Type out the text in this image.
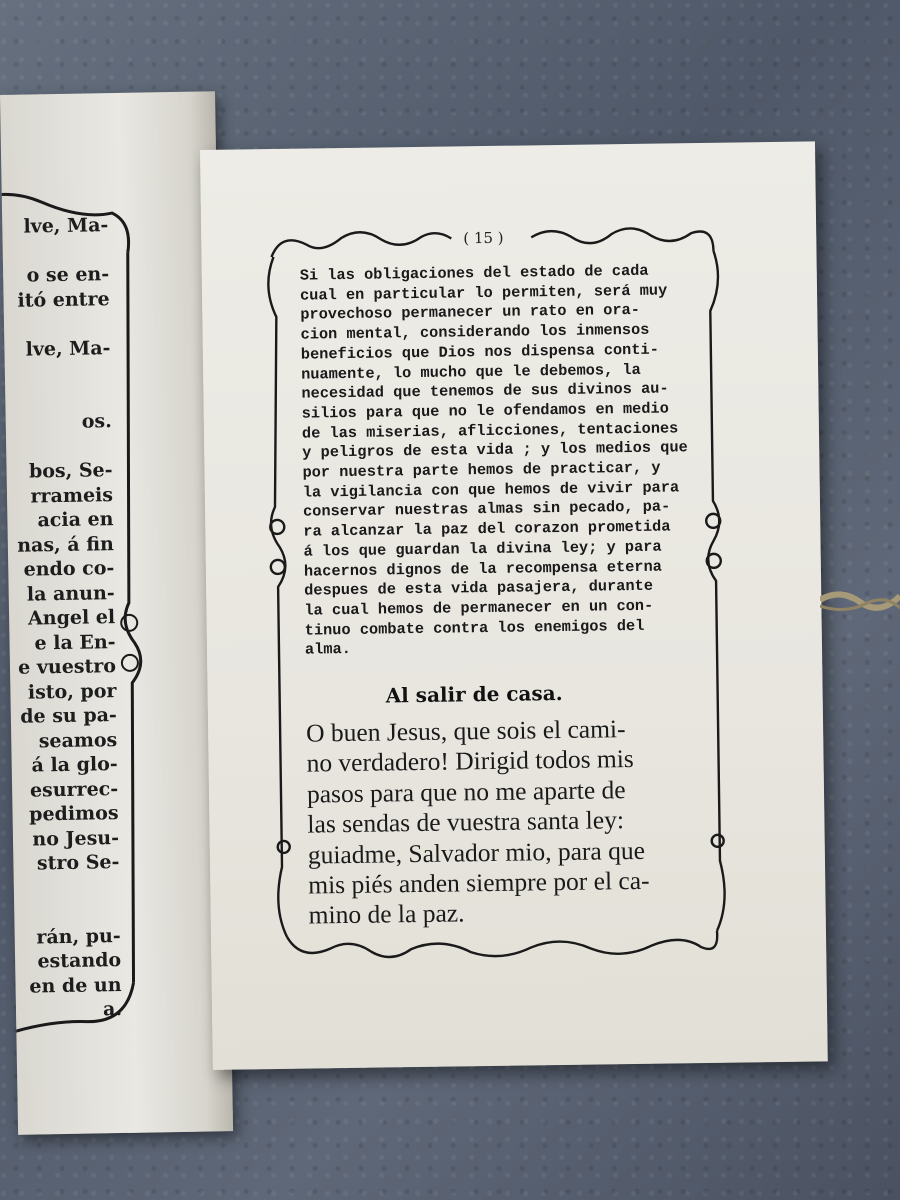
lve, Ma-
o se en-
itó entre
lve, Ma-
os.
bos, Se-
rrameis
acia en
nas, á fin
endo co-
la anun-
Angel el
e la En-
e vuestro
isto, por
de su pa-
seamos
á la glo-
esurrec-
pedimos
no Jesu-
stro Se-
rán, pu-
estando
en de un
a.
( 15 )
Si las obligaciones del estado de cada
cual en particular lo permiten, será muy
provechoso permanecer un rato en ora-
cion mental, considerando los inmensos
beneficios que Dios nos dispensa conti-
nuamente, lo mucho que le debemos, la
necesidad que tenemos de sus divinos au-
silios para que no le ofendamos en medio
de las miserias, aflicciones, tentaciones
y peligros de esta vida ; y los medios que
por nuestra parte hemos de practicar, y
la vigilancia con que hemos de vivir para
conservar nuestras almas sin pecado, pa-
ra alcanzar la paz del corazon prometida
á los que guardan la divina ley; y para
hacernos dignos de la recompensa eterna
despues de esta vida pasajera, durante
la cual hemos de permanecer en un con-
tinuo combate contra los enemigos del
alma.
Al salir de casa.
O buen Jesus, que sois el cami-
no verdadero! Dirigid todos mis
pasos para que no me aparte de
las sendas de vuestra santa ley:
guiadme, Salvador mio, para que
mis piés anden siempre por el ca-
mino de la paz.
